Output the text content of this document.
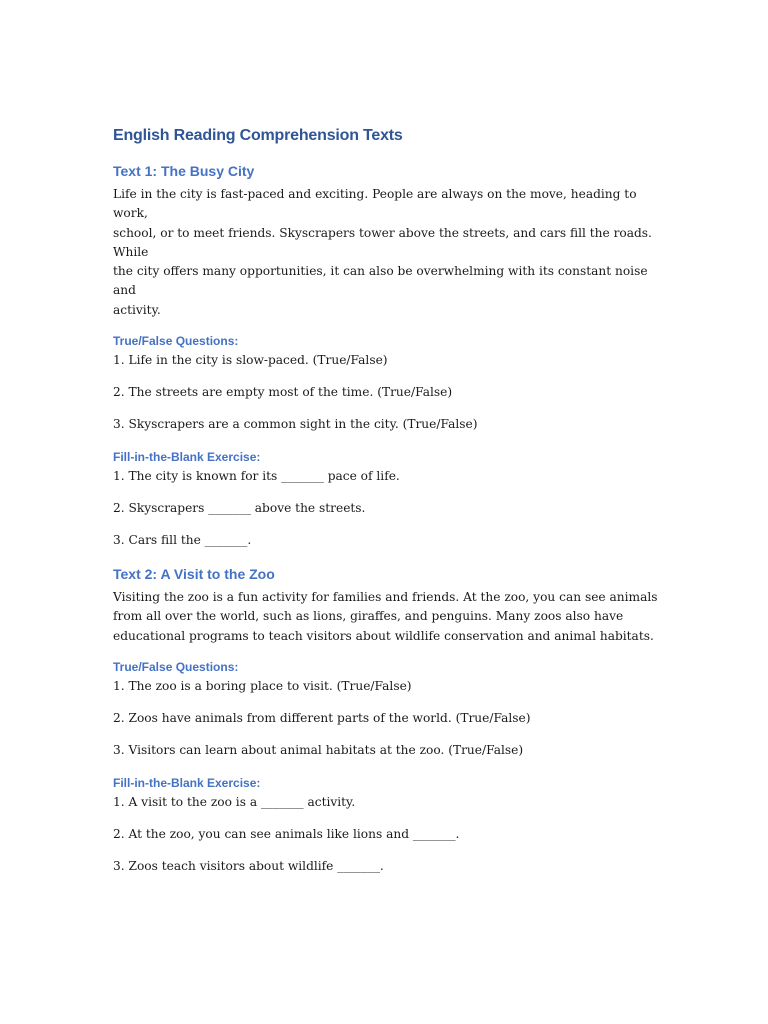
English Reading Comprehension Texts
Text 1: The Busy City

Life in the city is fast-paced and exciting. People are always on the move, heading to work,
school, or to meet friends. Skyscrapers tower above the streets, and cars fill the roads. While
the city offers many opportunities, it can also be overwhelming with its constant noise and
activity.

True/False Questions:
1. Life in the city is slow-paced. (True/False)
2. The streets are empty most of the time. (True/False)
3. Skyscrapers are a common sight in the city. (True/False)
Fill-in-the-Blank Exercise:
1. The city is known for its _______ pace of life.
2. Skyscrapers _______ above the streets.
3. Cars fill the _______.
Text 2: A Visit to the Zoo

Visiting the zoo is a fun activity for families and friends. At the zoo, you can see animals
from all over the world, such as lions, giraffes, and penguins. Many zoos also have
educational programs to teach visitors about wildlife conservation and animal habitats.

True/False Questions:
1. The zoo is a boring place to visit. (True/False)
2. Zoos have animals from different parts of the world. (True/False)
3. Visitors can learn about animal habitats at the zoo. (True/False)
Fill-in-the-Blank Exercise:
1. A visit to the zoo is a _______ activity.
2. At the zoo, you can see animals like lions and _______.
3. Zoos teach visitors about wildlife _______.
